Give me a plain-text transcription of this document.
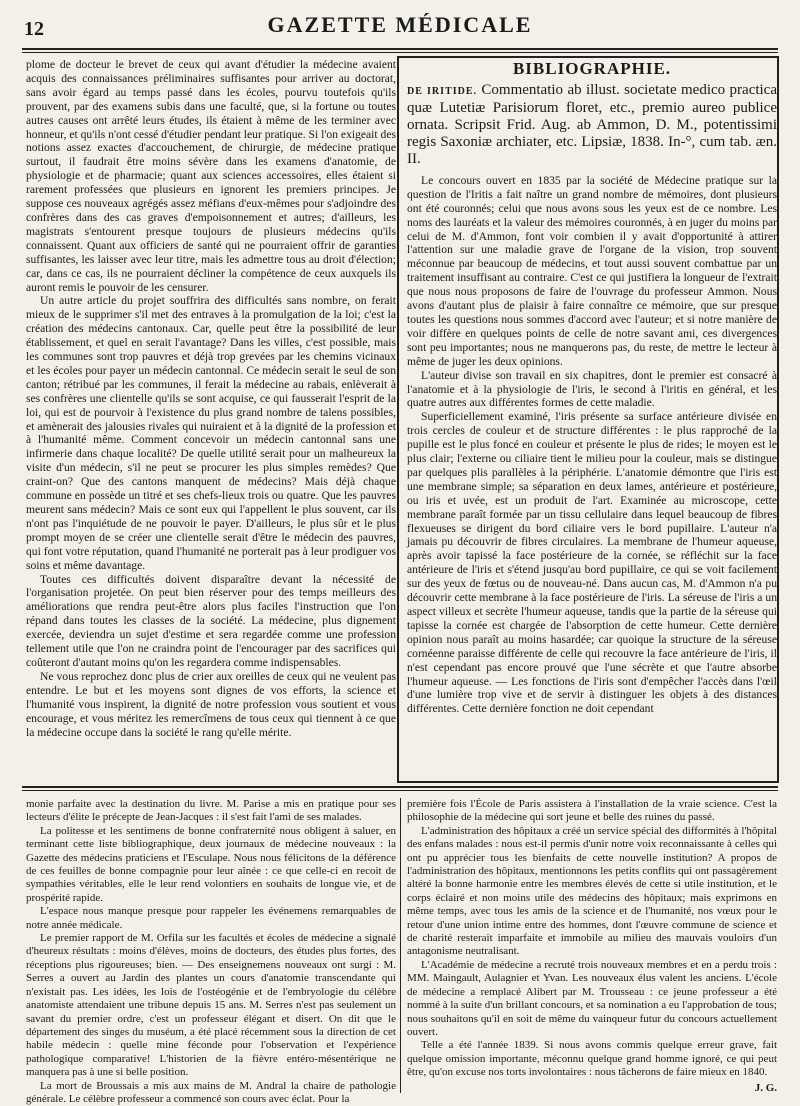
12	GAZETTE MÉDICALE

plome de docteur le brevet de ceux qui avant d'étudier la médecine avaient acquis des connaissances préliminaires suffisantes pour arriver au doctorat, sans avoir égard au temps passé dans les écoles, pourvu toutefois qu'ils prouvent, par des examens subis dans une faculté, que, si la fortune ou toutes autres causes ont arrêté leurs études, ils étaient à même de les terminer avec honneur, et qu'ils n'ont cessé d'étudier pendant leur pratique. Si l'on exigeait des notions assez exactes d'accouchement, de chirurgie, de médecine pratique surtout, il faudrait être moins sévère dans les examens d'anatomie, de physiologie et de pharmacie; quant aux sciences accessoires, elles étaient si rarement professées que plusieurs en ignorent les premiers principes. Je suppose ces nouveaux agrégés assez méfians d'eux-mêmes pour s'adjoindre des confrères dans des cas graves d'empoisonnement et autres; d'ailleurs, les magistrats s'entourent presque toujours de plusieurs médecins qu'ils connaissent. Quant aux officiers de santé qui ne pourraient offrir de garanties suffisantes, les laisser avec leur titre, mais les admettre tous au droit d'élection; car, dans ce cas, ils ne pourraient décliner la compétence de ceux auxquels ils auront remis le pouvoir de les censurer.

Un autre article du projet souffrira des difficultés sans nombre, on ferait mieux de le supprimer s'il met des entraves à la promulgation de la loi; c'est la création des médecins cantonaux. Car, quelle peut être la possibilité de leur établissement, et quel en serait l'avantage? Dans les villes, c'est possible, mais les communes sont trop pauvres et déjà trop grevées par les chemins vicinaux et les écoles pour payer un médecin cantonnal. Ce médecin serait le seul de son canton; rétribué par les communes, il ferait la médecine au rabais, enlèverait à ses confrères une clientelle qu'ils se sont acquise, ce qui fausserait l'esprit de la loi, qui est de pourvoir à l'existence du plus grand nombre de talens possibles, et amènerait des jalousies rivales qui nuiraient et à la dignité de la profession et à l'humanité même. Comment concevoir un médecin cantonnal sans une infirmerie dans chaque localité? De quelle utilité serait pour un malheureux la visite d'un médecin, s'il ne peut se procurer les plus simples remèdes? Que craint-on? Que des cantons manquent de médecins? Mais déjà chaque commune en possède un titré et ses chefs-lieux trois ou quatre. Que les pauvres meurent sans médecin? Mais ce sont eux qui l'appellent le plus souvent, car ils n'ont pas l'inquiétude de ne pouvoir le payer. D'ailleurs, le plus sûr et le plus prompt moyen de se créer une clientelle serait d'être le médecin des pauvres, qui font votre réputation, quand l'humanité ne porterait pas à leur prodiguer vos soins et même davantage.

Toutes ces difficultés doivent disparaître devant la nécessité de l'organisation projetée. On peut bien réserver pour des temps meilleurs des améliorations que rendra peut-être alors plus faciles l'instruction que l'on répand dans toutes les classes de la société. La médecine, plus dignement exercée, deviendra un sujet d'estime et sera regardée comme une profession tellement utile que l'on ne craindra point de l'encourager par des sacrifices qui coûteront d'autant moins qu'on les regardera comme indispensables.

Ne vous reprochez donc plus de crier aux oreilles de ceux qui ne veulent pas entendre. Le but et les moyens sont dignes de vos efforts, la science et l'humanité vous inspirent, la dignité de notre profession vous soutient et vous encourage, et vous méritez les remercîmens de tous ceux qui tiennent à ce que la médecine occupe dans la société le rang qu'elle mérite.

BIBLIOGRAPHIE.

DE IRITIDE. Commentatio ab illust. societate medico practica quæ Lutetiæ Parisiorum floret, etc., premio aureo publice ornata. Scripsit Frid. Aug. ab Ammon, D. M., potentissimi regis Saxoniæ archiater, etc. Lipsiæ, 1838. In-°, cum tab. æn. II.

Le concours ouvert en 1835 par la société de Médecine pratique sur la question de l'Iritis a fait naître un grand nombre de mémoires, dont plusieurs ont été couronnés; celui que nous avons sous les yeux est de ce nombre. Les noms des lauréats et la valeur des mémoires couronnés, à en juger du moins par celui de M. d'Ammon, font voir combien il y avait d'opportunité à attirer l'attention sur une maladie grave de l'organe de la vision, trop souvent méconnue par beaucoup de médecins, et tout aussi souvent combattue par un traitement insuffisant au contraire. C'est ce qui justifiera la longueur de l'extrait que nous nous proposons de faire de l'ouvrage du professeur Ammon. Nous avons d'autant plus de plaisir à faire connaître ce mémoire, que sur presque toutes les questions nous sommes d'accord avec l'auteur; et si notre manière de voir diffère en quelques points de celle de notre savant ami, ces divergences sont peu importantes; nous ne manquerons pas, du reste, de mettre le lecteur à même de juger les deux opinions.

L'auteur divise son travail en six chapitres, dont le premier est consacré à l'anatomie et à la physiologie de l'iris, le second à l'iritis en général, et les quatre autres aux différentes formes de cette maladie.

Superficiellement examiné, l'iris présente sa surface antérieure divisée en trois cercles de couleur et de structure différentes : le plus rapproché de la pupille est le plus foncé en couleur et présente le plus de rides; le moyen est le plus clair; l'externe ou ciliaire tient le milieu pour la couleur, mais se distingue par quelques plis parallèles à la périphérie. L'anatomie démontre que l'iris est une membrane simple; sa séparation en deux lames, antérieure et postérieure, ou iris et uvée, est un produit de l'art. Examinée au microscope, cette membrane paraît formée par un tissu cellulaire dans lequel beaucoup de fibres flexueuses se dirigent du bord ciliaire vers le bord pupillaire. L'auteur n'a jamais pu découvrir de fibres circulaires. La membrane de l'humeur aqueuse, après avoir tapissé la face postérieure de la cornée, se réfléchit sur la face antérieure de l'iris et s'étend jusqu'au bord pupillaire, ce qui se voit facilement sur des yeux de fœtus ou de nouveau-né. Dans aucun cas, M. d'Ammon n'a pu découvrir cette membrane à la face postérieure de l'iris. La séreuse de l'iris a un aspect villeux et secrète l'humeur aqueuse, tandis que la partie de la séreuse qui tapisse la cornée est chargée de l'absorption de cette humeur. Cette dernière opinion nous paraît au moins hasardée; car quoique la structure de la séreuse cornéenne paraisse différente de celle qui recouvre la face antérieure de l'iris, il n'est cependant pas encore prouvé que l'une sécrète et que l'autre absorbe l'humeur aqueuse. — Les fonctions de l'iris sont d'empêcher l'accès dans l'œil d'une lumière trop vive et de servir à distinguer les objets à des distances différentes. Cette dernière fonction ne doit cependant

monie parfaite avec la destination du livre. M. Parise a mis en pratique pour ses lecteurs d'élite le précepte de Jean-Jacques : il s'est fait l'ami de ses malades.

La politesse et les sentimens de bonne confraternité nous obligent à saluer, en terminant cette liste bibliographique, deux journaux de médecine nouveaux : la Gazette des médecins praticiens et l'Esculape. Nous nous félicitons de la déférence de ces feuilles de bonne compagnie pour leur aînée : ce que celle-ci en recoit de sympathies véritables, elle le leur rend volontiers en souhaits de longue vie, et de prospérité rapide.

L'espace nous manque presque pour rappeler les événemens remarquables de notre année médicale.

Le premier rapport de M. Orfila sur les facultés et écoles de médecine a signalé d'heureux résultats : moins d'élèves, moins de docteurs, des études plus fortes, des réceptions plus rigoureuses; bien. — Des enseignemens nouveaux ont surgi : M. Serres a ouvert au Jardin des plantes un cours d'anatomie transcendante qui n'existait pas. Les idées, les lois de l'ostéogénie et de l'embryologie du célèbre anatomiste attendaient une tribune depuis 15 ans. M. Serres n'est pas seulement un savant du premier ordre, c'est un professeur élégant et disert. On dit que le département des singes du muséum, a été placé récemment sous la direction de cet habile médecin : quelle mine féconde pour l'observation et l'expérience pathologique comparative! L'historien de la fièvre entéro-mésentérique ne manquera pas à une si belle position.

La mort de Broussais a mis aux mains de M. Andral la chaire de pathologie générale. Le célèbre professeur a commencé son cours avec éclat. Pour la

première fois l'École de Paris assistera à l'installation de la vraie science. C'est la philosophie de la médecine qui sort jeune et belle des ruines du passé.

L'administration des hôpitaux a créé un service spécial des difformités à l'hôpital des enfans malades : nous est-il permis d'unir notre voix reconnaissante à celles qui ont pu apprécier tous les bienfaits de cette nouvelle institution? A propos de l'administration des hôpitaux, mentionnons les petits conflits qui ont passagèrement altéré la bonne harmonie entre les membres élevés de cette si utile institution, et le corps éclairé et non moins utile des médecins des hôpitaux; mais exprimons en même temps, avec tous les amis de la science et de l'humanité, nos vœux pour le retour d'une union intime entre des hommes, dont l'œuvre commune de science et de charité resterait imparfaite et immobile au milieu des mauvais vouloirs d'un antagonisme neutralisant.

L'Académie de médecine a recruté trois nouveaux membres et en a perdu trois : MM. Maingault, Aulagnier et Yvan. Les nouveaux élus valent les anciens. L'école de médecine a remplacé Alibert par M. Trousseau : ce jeune professeur a été nommé à la suite d'un brillant concours, et sa nomination a eu l'approbation de tous; nous souhaitons qu'il en soit de même du vainqueur futur du concours actuellement ouvert.

Telle a été l'année 1839. Si nous avons commis quelque erreur grave, fait quelque omission importante, méconnu quelque grand homme ignoré, ce qui peut être, qu'on excuse nos torts involontaires : nous tâcherons de faire mieux en 1840.

J. G.
